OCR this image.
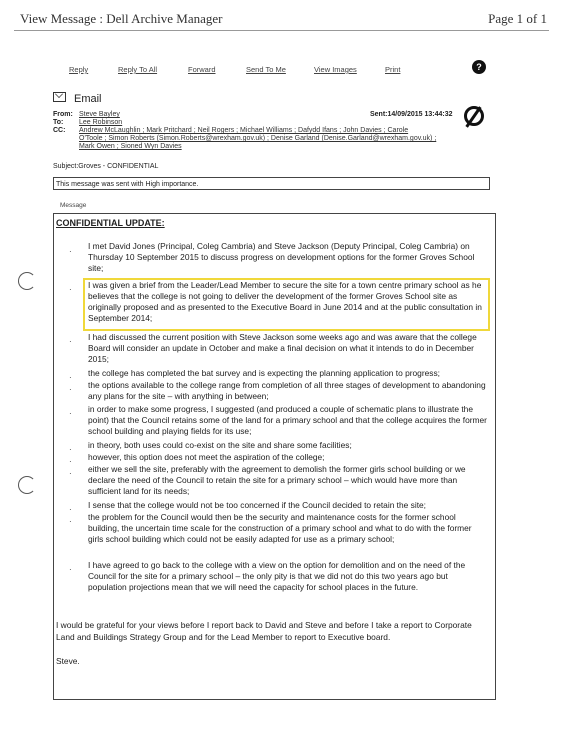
View Message : Dell Archive Manager	Page 1 of 1
Reply	Reply To All	Forward	Send To Me	View Images	Print	?
Email
From: Steve Bayley
To: Lee Robinson
CC: Andrew McLaughlin ; Mark Pritchard ; Neil Rogers ; Michael Williams ; Dafydd Ifans ; John Davies ; Carole
O'Toole ; Simon Roberts (Simon.Roberts@wrexham.gov.uk) ; Denise Garland (Denise.Garland@wrexham.gov.uk) ;
Mark Owen ; Sioned Wyn Davies
Sent:14/09/2015 13:44:32
Subject:Groves - CONFIDENTIAL
This message was sent with High importance.
Message
CONFIDENTIAL UPDATE:
·
I met David Jones (Principal, Coleg Cambria) and Steve Jackson (Deputy Principal, Coleg Cambria) on Thursday 10 September 2015 to discuss progress on development options for the former Groves School site;
· I was given a brief from the Leader/Lead Member to secure the site for a town centre primary school as he believes that the college is not going to deliver the development of the former Groves School site as originally proposed and as presented to the Executive Board in June 2014 and at the public consultation in September 2014;
· I had discussed the current position with Steve Jackson some weeks ago and was aware that the college Board will consider an update in October and make a final decision on what it intends to do in December 2015;
· the college has completed the bat survey and is expecting the planning application to progress;
· the options available to the college range from completion of all three stages of development to abandoning any plans for the site – with anything in between;
· in order to make some progress, I suggested (and produced a couple of schematic plans to illustrate the point) that the Council retains some of the land for a primary school and that the college acquires the former school building and playing fields for its use;
· in theory, both uses could co-exist on the site and share some facilities;
· however, this option does not meet the aspiration of the college;
· either we sell the site, preferably with the agreement to demolish the former girls school building or we declare the need of the Council to retain the site for a primary school – which would have more than sufficient land for its needs;
· I sense that the college would not be too concerned if the Council decided to retain the site;
· the problem for the Council would then be the security and maintenance costs for the former school building, the uncertain time scale for the construction of a primary school and what to do with the former girls school building which could not be easily adapted for use as a primary school;
· I have agreed to go back to the college with a view on the option for demolition and on the need of the Council for the site for a primary school – the only pity is that we did not do this two years ago but population projections mean that we will need the capacity for school places in the future.
I would be grateful for your views before I report back to David and Steve and before I take a report to Corporate Land and Buildings Strategy Group and for the Lead Member to report to Executive board.
Steve.
